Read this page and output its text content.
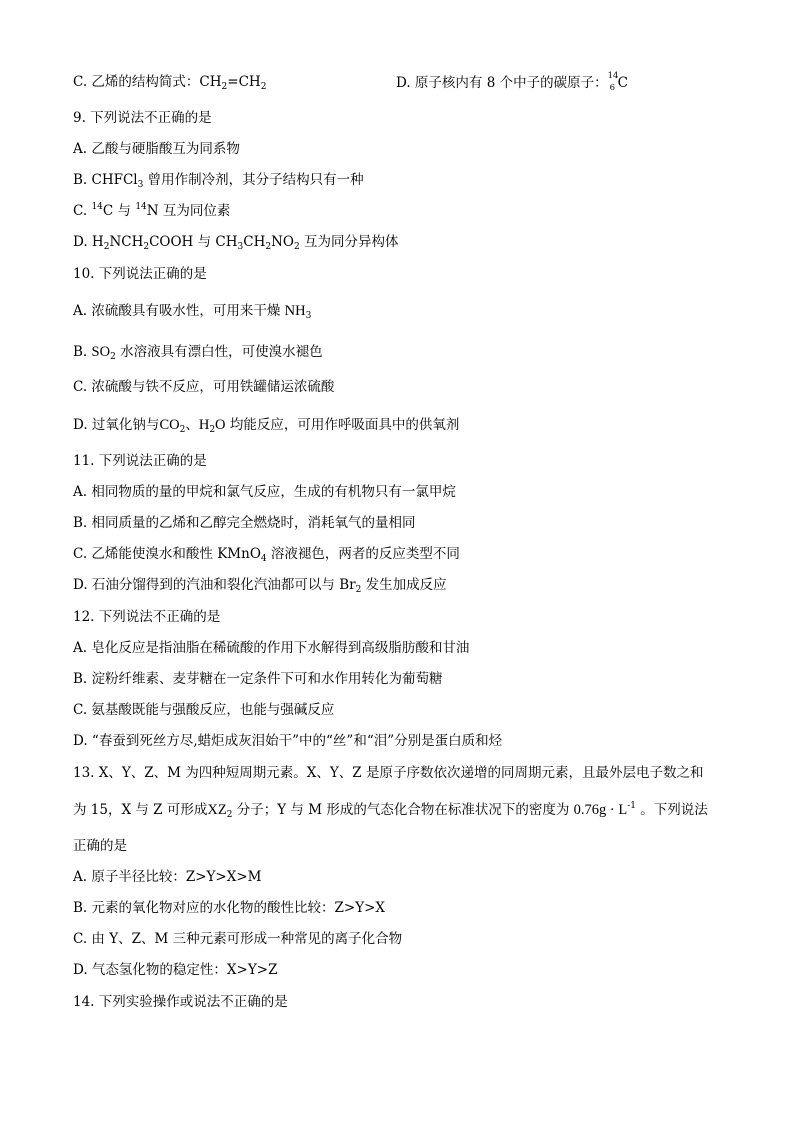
C. 乙烯的结构简式：$CH_2=CH_2$	D. 原子核内有 8 个中子的碳原子： 14
6 C
9. 下列说法不正确的是
A. 乙酸与硬脂酸互为同系物
B. CHFCl$_3$ 曾用作制冷剂，其分子结构只有一种
C. $^{14}$C 与 $^{14}$N 互为同位素
D. $H_2NCH_2COOH$ 与 $CH_3CH_2NO_2$ 互为同分异构体
10. 下列说法正确的是
A. 浓硫酸具有吸水性，可用来干燥 $NH_3$
B. $SO_2$ 水溶液具有漂白性，可使溴水褪色
C. 浓硫酸与铁不反应，可用铁罐储运浓硫酸
D. 过氧化钠与$CO_2$、$H_2O$ 均能反应，可用作呼吸面具中的供氧剂
11. 下列说法正确的是
A. 相同物质的量的甲烷和氯气反应，生成的有机物只有一氯甲烷
B. 相同质量的乙烯和乙醇完全燃烧时，消耗氧气的量相同
C. 乙烯能使溴水和酸性 KMnO$_4$ 溶液褪色，两者的反应类型不同
D. 石油分馏得到的汽油和裂化汽油都可以与 $Br_2$ 发生加成反应
12. 下列说法不正确的是
A. 皂化反应是指油脂在稀硫酸的作用下水解得到高级脂肪酸和甘油
B. 淀粉纤维素、麦芽糖在一定条件下可和水作用转化为葡萄糖
C. 氨基酸既能与强酸反应，也能与强碱反应
D. “春蚕到死丝方尽,蜡炬成灰泪始干”中的“丝”和“泪”分别是蛋白质和烃
13. X、Y、Z、M 为四种短周期元素。X、Y、Z 是原子序数依次递增的同周期元素，且最外层电子数之和
为 15，X 与 Z 可形成$XZ_2$ 分子；Y 与 M 形成的气态化合物在标准状况下的密度为 $0.76g \cdot L^{-1}$ 。下列说法
正确的是
A. 原子半径比较：Z>Y>X>M
B. 元素的氧化物对应的水化物的酸性比较：Z>Y>X
C. 由 Y、Z、M 三种元素可形成一种常见的离子化合物
D. 气态氢化物的稳定性：X>Y>Z
14. 下列实验操作或说法不正确的是
